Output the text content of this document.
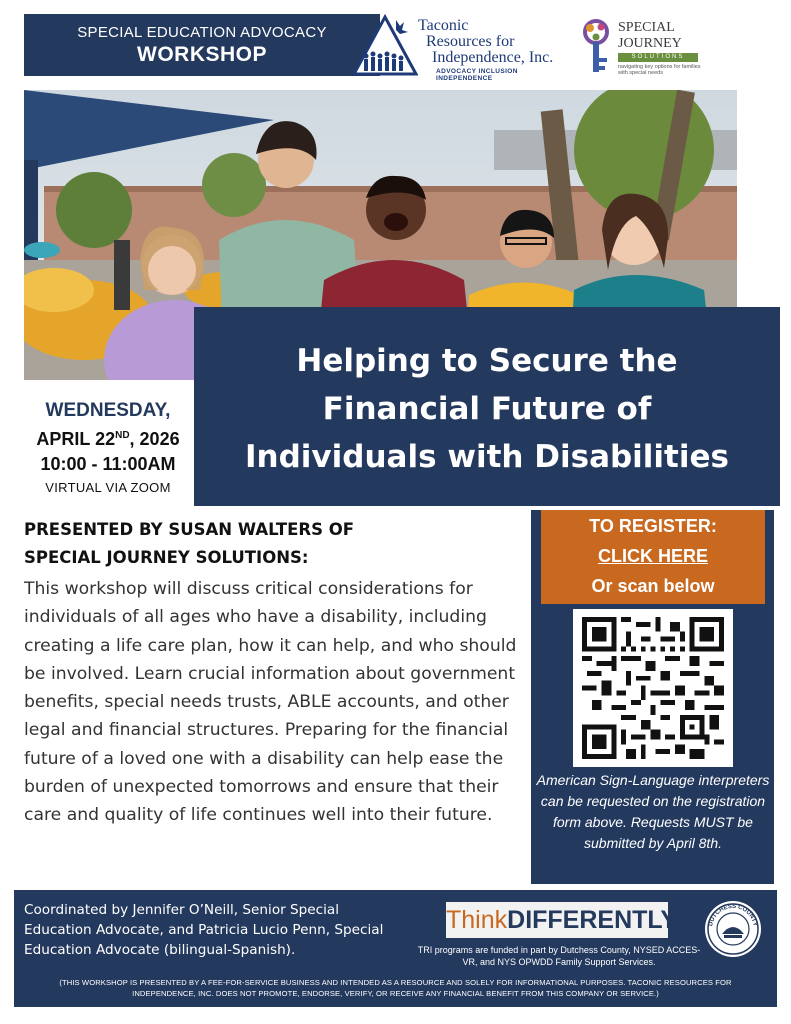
SPECIAL EDUCATION ADVOCACY
WORKSHOP
Taconic
Resources for
Independence, Inc.
ADVOCACY INCLUSION INDEPENDENCE
SPECIAL
JOURNEY
SOLUTIONS
navigating key options for families with special needs
Helping to Secure the
Financial Future of
Individuals with Disabilities
WEDNESDAY,
APRIL 22ND, 2026
10:00 - 11:00AM
VIRTUAL VIA ZOOM
PRESENTED BY SUSAN WALTERS OF
SPECIAL JOURNEY SOLUTIONS:
This workshop will discuss critical considerations for individuals of all ages who have a disability, including creating a life care plan, how it can help, and who should be involved. Learn crucial information about government benefits, special needs trusts, ABLE accounts, and other legal and financial structures. Preparing for the financial future of a loved one with a disability can help ease the burden of unexpected tomorrows and ensure that their care and quality of life continues well into their future.
TO REGISTER:
CLICK HERE
Or scan below
American Sign-Language interpreters can be requested on the registration form above. Requests MUST be submitted by April 8th.
Coordinated by Jennifer O’Neill, Senior Special Education Advocate, and Patricia Lucio Penn, Special Education Advocate (bilingual-Spanish).
ThinkDIFFERENTLY.
TRI programs are funded in part by Dutchess County, NYSED ACCES-VR, and NYS OPWDD Family Support Services.
DUTCHESS COUNTY
(THIS WORKSHOP IS PRESENTED BY A FEE-FOR-SERVICE BUSINESS AND INTENDED AS A RESOURCE AND SOLELY FOR INFORMATIONAL PURPOSES. TACONIC RESOURCES FOR INDEPENDENCE, INC. DOES NOT PROMOTE, ENDORSE, VERIFY, OR RECEIVE ANY FINANCIAL BENEFIT FROM THIS COMPANY OR SERVICE.)
